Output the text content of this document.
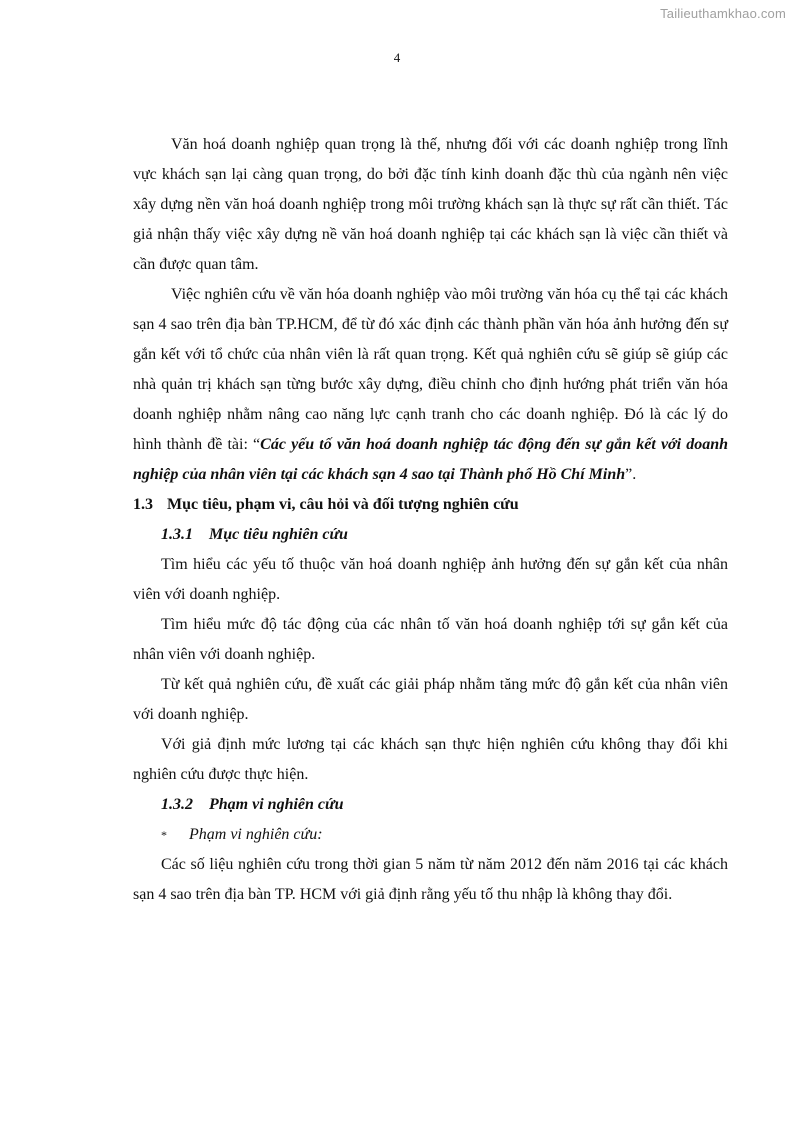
Tailieuthamkhao.com
4

Văn hoá doanh nghiệp quan trọng là thế, nhưng đối với các doanh nghiệp trong lĩnh vực khách sạn lại càng quan trọng, do bởi đặc tính kinh doanh đặc thù của ngành nên việc xây dựng nền văn hoá doanh nghiệp trong môi trường khách sạn là thực sự rất cần thiết. Tác giả nhận thấy việc xây dựng nề văn hoá doanh nghiệp tại các khách sạn là việc cần thiết và cần được quan tâm.

Việc nghiên cứu về văn hóa doanh nghiệp vào môi trường văn hóa cụ thể tại các khách sạn 4 sao trên địa bàn TP.HCM, để từ đó xác định các thành phần văn hóa ảnh hưởng đến sự gắn kết với tổ chức của nhân viên là rất quan trọng. Kết quả nghiên cứu sẽ giúp sẽ giúp các nhà quản trị khách sạn từng bước xây dựng, điều chỉnh cho định hướng phát triển văn hóa doanh nghiệp nhằm nâng cao năng lực cạnh tranh cho các doanh nghiệp. Đó là các lý do hình thành đề tài: “Các yếu tố văn hoá doanh nghiệp tác động đến sự gắn kết với doanh nghiệp của nhân viên tại các khách sạn 4 sao tại Thành phố Hồ Chí Minh”.

1.3 Mục tiêu, phạm vi, câu hỏi và đối tượng nghiên cứu
1.3.1 Mục tiêu nghiên cứu

Tìm hiểu các yếu tố thuộc văn hoá doanh nghiệp ảnh hưởng đến sự gắn kết của nhân viên với doanh nghiệp.

Tìm hiểu mức độ tác động của các nhân tố văn hoá doanh nghiệp tới sự gắn kết của nhân viên với doanh nghiệp.

Từ kết quả nghiên cứu, đề xuất các giải pháp nhằm tăng mức độ gắn kết của nhân viên với doanh nghiệp.

Với giả định mức lương tại các khách sạn thực hiện nghiên cứu không thay đổi khi nghiên cứu được thực hiện.

1.3.2 Phạm vi nghiên cứu
* Phạm vi nghiên cứu:

Các số liệu nghiên cứu trong thời gian 5 năm từ năm 2012 đến năm 2016 tại các khách sạn 4 sao trên địa bàn TP. HCM với giả định rằng yếu tố thu nhập là không thay đổi.
